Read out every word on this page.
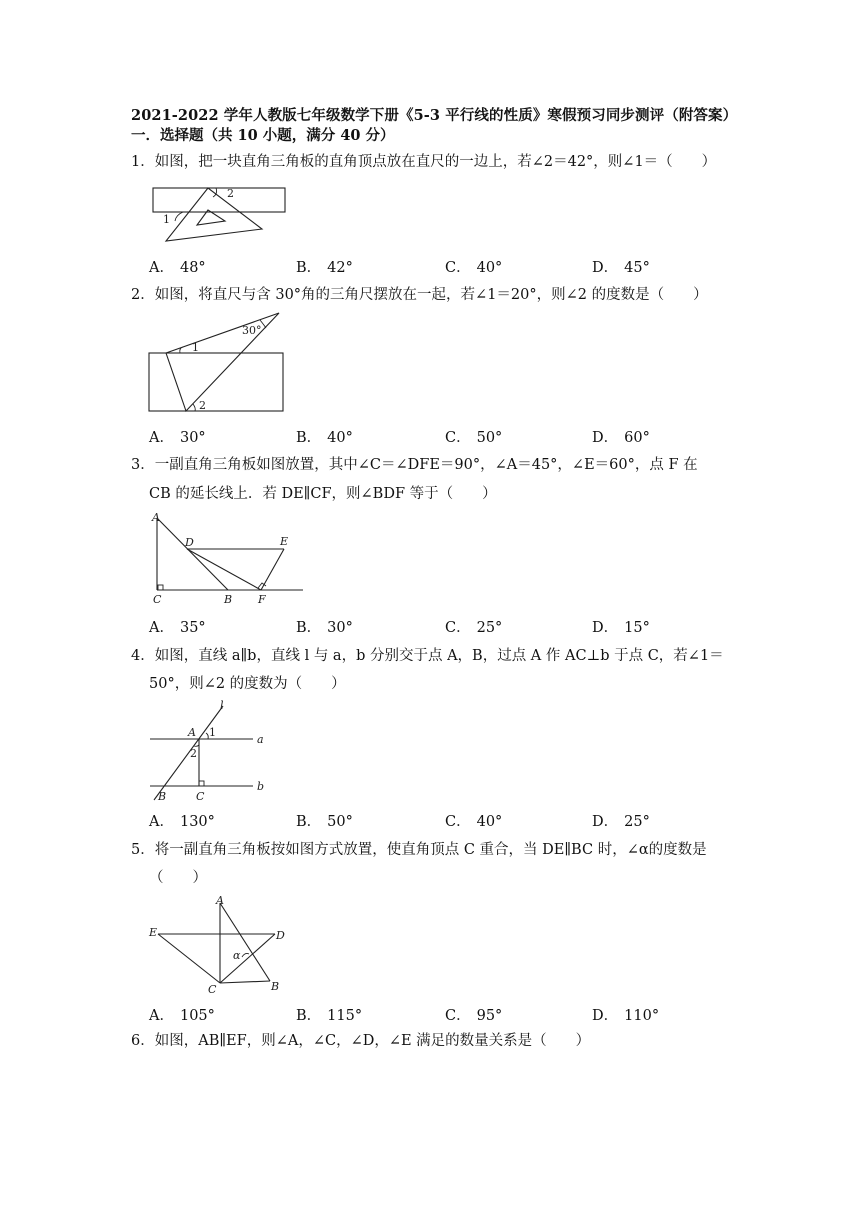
2021-2022 学年人教版七年级数学下册《5-3 平行线的性质》寒假预习同步测评（附答案）
一．选择题（共 10 小题，满分 40 分）
1．如图，把一块直角三角板的直角顶点放在直尺的一边上，若∠2＝42°，则∠1＝（　　）
1
2
A． 48°	B． 42°	C． 40°	D． 45°
2．如图，将直尺与含 30°角的三角尺摆放在一起，若∠1＝20°，则∠2 的度数是（　　）
30°
1
2
A． 30°	B． 40°	C． 50°	D． 60°
3．一副直角三角板如图放置，其中∠C＝∠DFE＝90°，∠A＝45°，∠E＝60°，点 F 在
CB 的延长线上．若 DE∥CF，则∠BDF 等于（　　）
A
D	E
C	B F
A． 35°	B． 30°	C． 25°	D． 15°
4．如图，直线 a∥b，直线 l 与 a，b 分别交于点 A，B，过点 A 作 AC⊥b 于点 C，若∠1＝
50°，则∠2 的度数为（　　）
l
A 1
a
2
B	C
b
A． 130°	B． 50°	C． 40°	D． 25°
5．将一副直角三角板按如图方式放置，使直角顶点 C 重合，当 DE∥BC 时，∠α的度数是
（　　）
A
E	D
α
C	B
A． 105°	B． 115°	C． 95°	D． 110°
6．如图，AB∥EF，则∠A，∠C，∠D，∠E 满足的数量关系是（　　）
